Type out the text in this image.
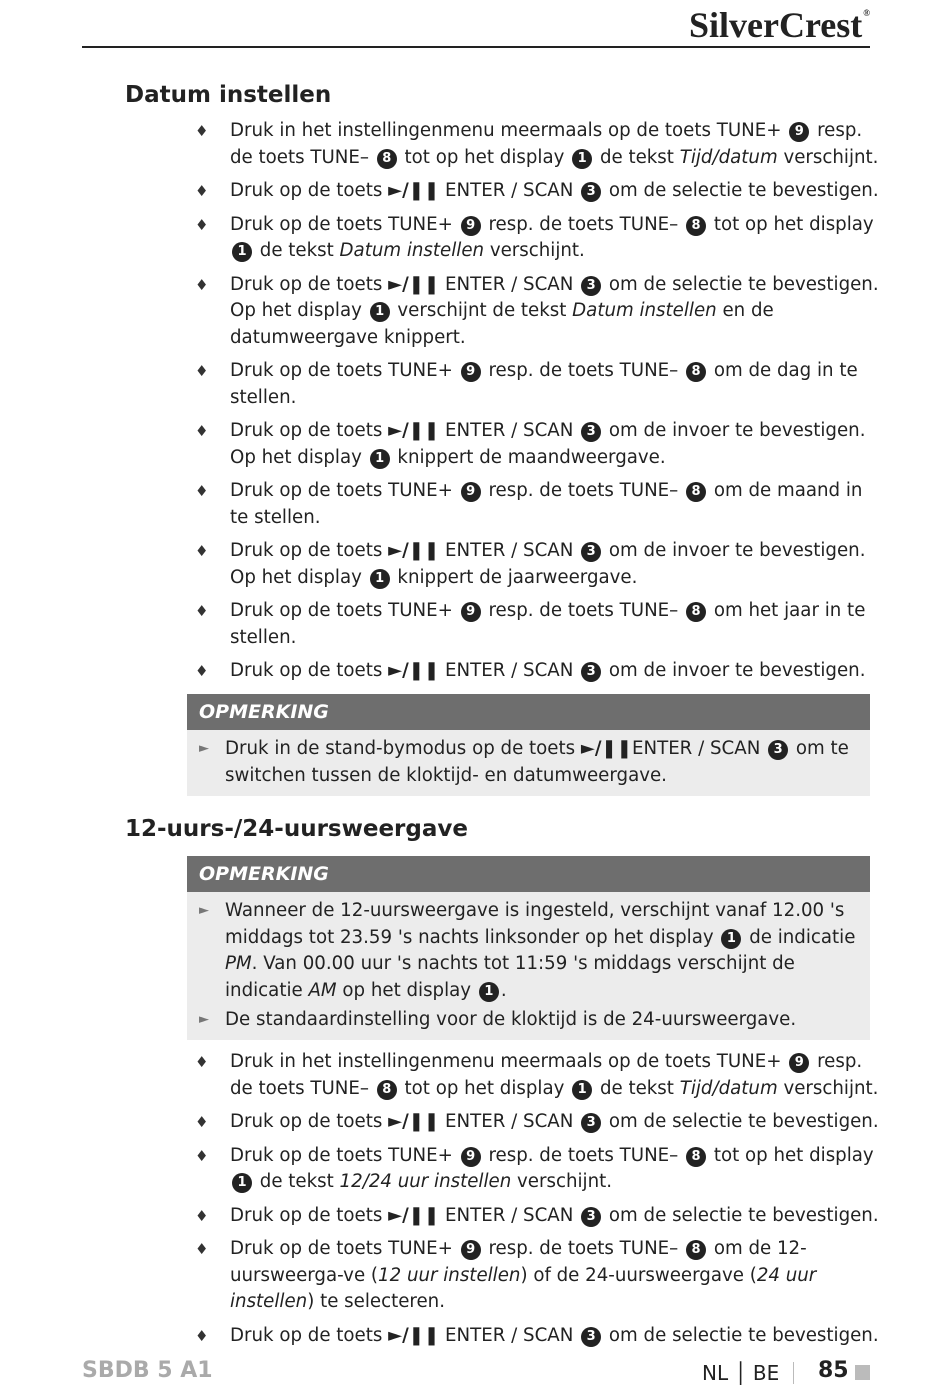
SilverCrest®
Datum instellen
♦ Druk in het instellingenmenu meermaals op de toets TUNE+ 9 resp. de toets TUNE– 8 tot op het display 1 de tekst Tijd/datum verschijnt.
♦ Druk op de toets ►/❚❚ ENTER / SCAN 3 om de selectie te bevestigen.
♦ Druk op de toets TUNE+ 9 resp. de toets TUNE– 8 tot op het display 1 de tekst Datum instellen verschijnt.
♦ Druk op de toets ►/❚❚ ENTER / SCAN 3 om de selectie te bevestigen. Op het display 1 verschijnt de tekst Datum instellen en de datumweergave knippert.
♦ Druk op de toets TUNE+ 9 resp. de toets TUNE– 8 om de dag in te stellen.
♦ Druk op de toets ►/❚❚ ENTER / SCAN 3 om de invoer te bevestigen. Op het display 1 knippert de maandweergave.
♦ Druk op de toets TUNE+ 9 resp. de toets TUNE– 8 om de maand in te stellen.
♦ Druk op de toets ►/❚❚ ENTER / SCAN 3 om de invoer te bevestigen. Op het display 1 knippert de jaarweergave.
♦ Druk op de toets TUNE+ 9 resp. de toets TUNE– 8 om het jaar in te stellen.
♦ Druk op de toets ►/❚❚ ENTER / SCAN 3 om de invoer te bevestigen.
OPMERKING
► Druk in de stand-bymodus op de toets ►/❚❚ENTER / SCAN 3 om te switchen tussen de kloktijd- en datumweergave.
12-uurs-/24-uursweergave
OPMERKING
► Wanneer de 12-uursweergave is ingesteld, verschijnt vanaf 12.00 's middags tot 23.59 's nachts linksonder op het display 1 de indicatie PM. Van 00.00 uur 's nachts tot 11:59 's middags verschijnt de indicatie AM op het display 1 .
► De standaardinstelling voor de kloktijd is de 24-uursweergave.
♦ Druk in het instellingenmenu meermaals op de toets TUNE+ 9 resp. de toets TUNE– 8 tot op het display 1 de tekst Tijd/datum verschijnt.
♦ Druk op de toets ►/❚❚ ENTER / SCAN 3 om de selectie te bevestigen.
♦ Druk op de toets TUNE+ 9 resp. de toets TUNE– 8 tot op het display 1 de tekst 12/24 uur instellen verschijnt.
♦ Druk op de toets ►/❚❚ ENTER / SCAN 3 om de selectie te bevestigen.
♦ Druk op de toets TUNE+ 9 resp. de toets TUNE– 8 om de 12-uursweerga-ve (12 uur instellen) of de 24-uursweergave (24 uur instellen) te selecteren.
♦ Druk op de toets ►/❚❚ ENTER / SCAN 3 om de selectie te bevestigen.
SBDB 5 A1	NL │ BE 85
